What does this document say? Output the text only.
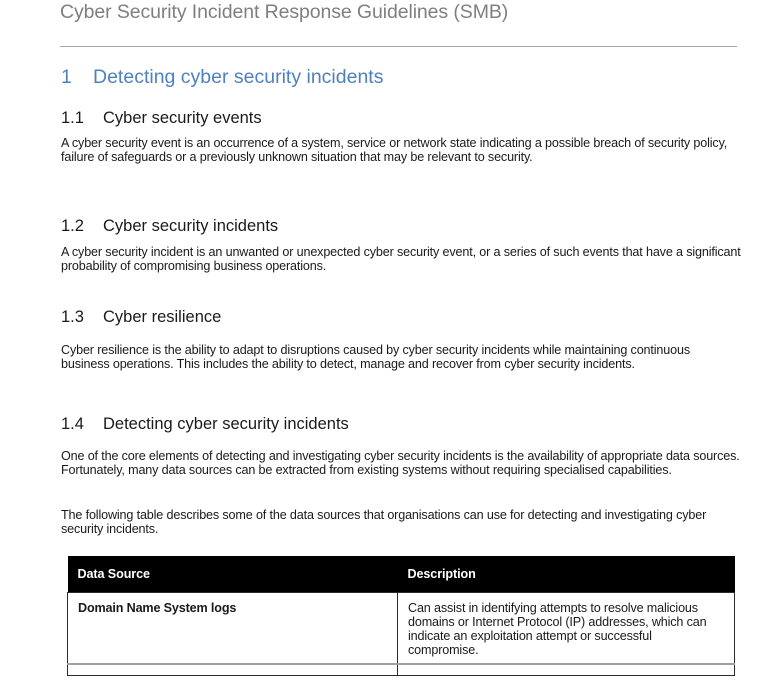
Cyber Security Incident Response Guidelines (SMB)
1 Detecting cyber security incidents
1.1 Cyber security events

A cyber security event is an occurrence of a system, service or network state indicating a possible breach of security policy, failure of safeguards or a previously unknown situation that may be relevant to security.

1.2 Cyber security incidents

A cyber security incident is an unwanted or unexpected cyber security event, or a series of such events that have a significant probability of compromising business operations.

1.3 Cyber resilience

Cyber resilience is the ability to adapt to disruptions caused by cyber security incidents while maintaining continuous business operations. This includes the ability to detect, manage and recover from cyber security incidents.

1.4 Detecting cyber security incidents

One of the core elements of detecting and investigating cyber security incidents is the availability of appropriate data sources. Fortunately, many data sources can be extracted from existing systems without requiring specialised capabilities.

The following table describes some of the data sources that organisations can use for detecting and investigating cyber security incidents.

Data Source	Description
Domain Name System logs	Can assist in identifying attempts to resolve malicious domains or Internet Protocol (IP) addresses, which can indicate an exploitation attempt or successful compromise.
